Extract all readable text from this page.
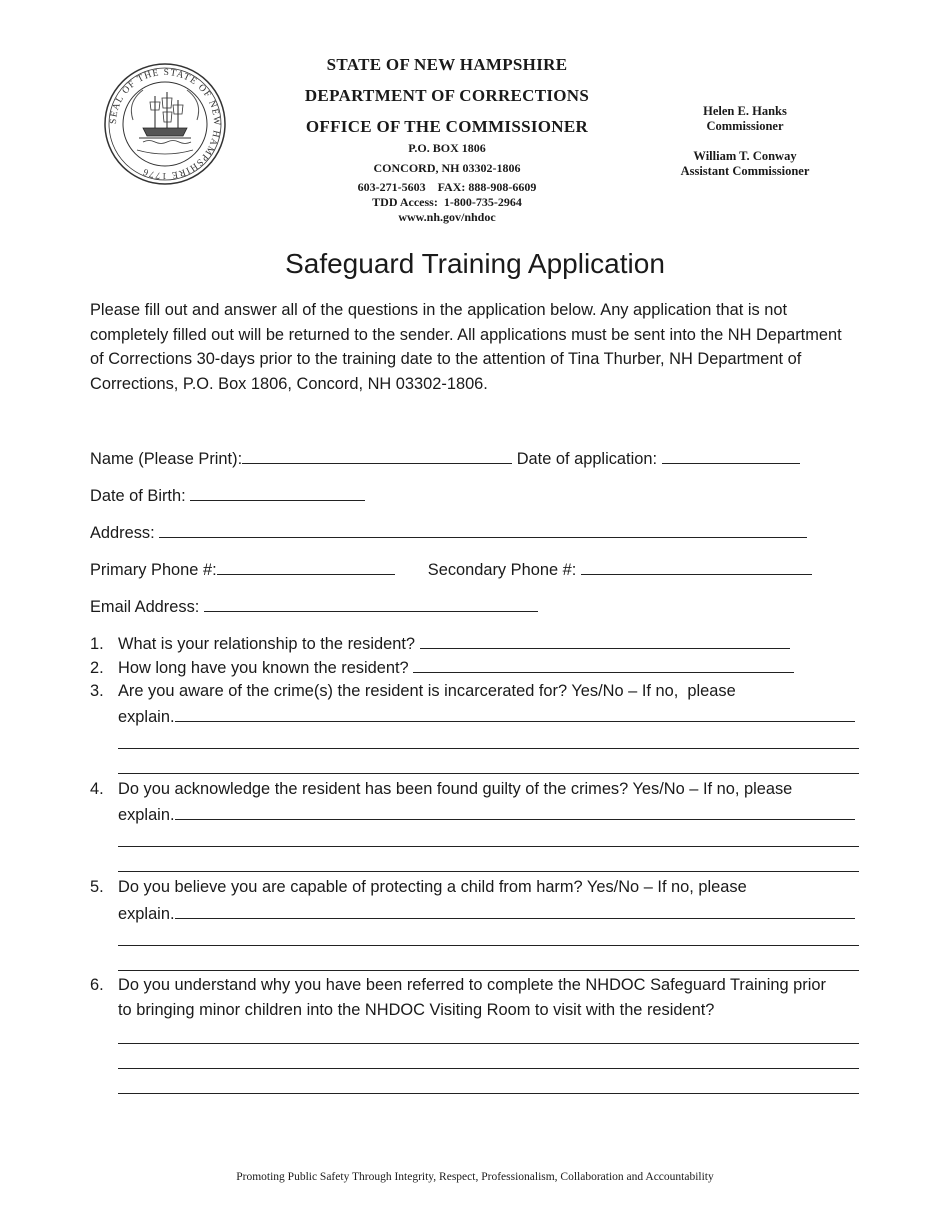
SEAL OF THE STATE OF NEW HAMPSHIRE 1776
STATE OF NEW HAMPSHIRE
DEPARTMENT OF CORRECTIONS
OFFICE OF THE COMMISSIONER
P.O. BOX 1806
CONCORD, NH 03302-1806
603-271-5603    FAX: 888-908-6609
TDD Access:  1-800-735-2964
www.nh.gov/nhdoc
Helen E. Hanks
Commissioner
William T. Conway
Assistant Commissioner
Safeguard Training Application
Please fill out and answer all of the questions in the application below. Any application that is not completely filled out will be returned to the sender. All applications must be sent into the NH Department of Corrections 30-days prior to the training date to the attention of Tina Thurber, NH Department of Corrections, P.O. Box 1806, Concord, NH 03302-1806.
Name (Please Print):	Date of application:
Date of Birth:
Address:
Primary Phone #:	Secondary Phone #:
Email Address:
1. What is your relationship to the resident?
2. How long have you known the resident?
3. Are you aware of the crime(s) the resident is incarcerated for? Yes/No – If no,  please
explain.
4. Do you acknowledge the resident has been found guilty of the crimes? Yes/No – If no, please
explain.
5. Do you believe you are capable of protecting a child from harm? Yes/No – If no, please
explain.
6. Do you understand why you have been referred to complete the NHDOC Safeguard Training prior
to bringing minor children into the NHDOC Visiting Room to visit with the resident?
Promoting Public Safety Through Integrity, Respect, Professionalism, Collaboration and Accountability
